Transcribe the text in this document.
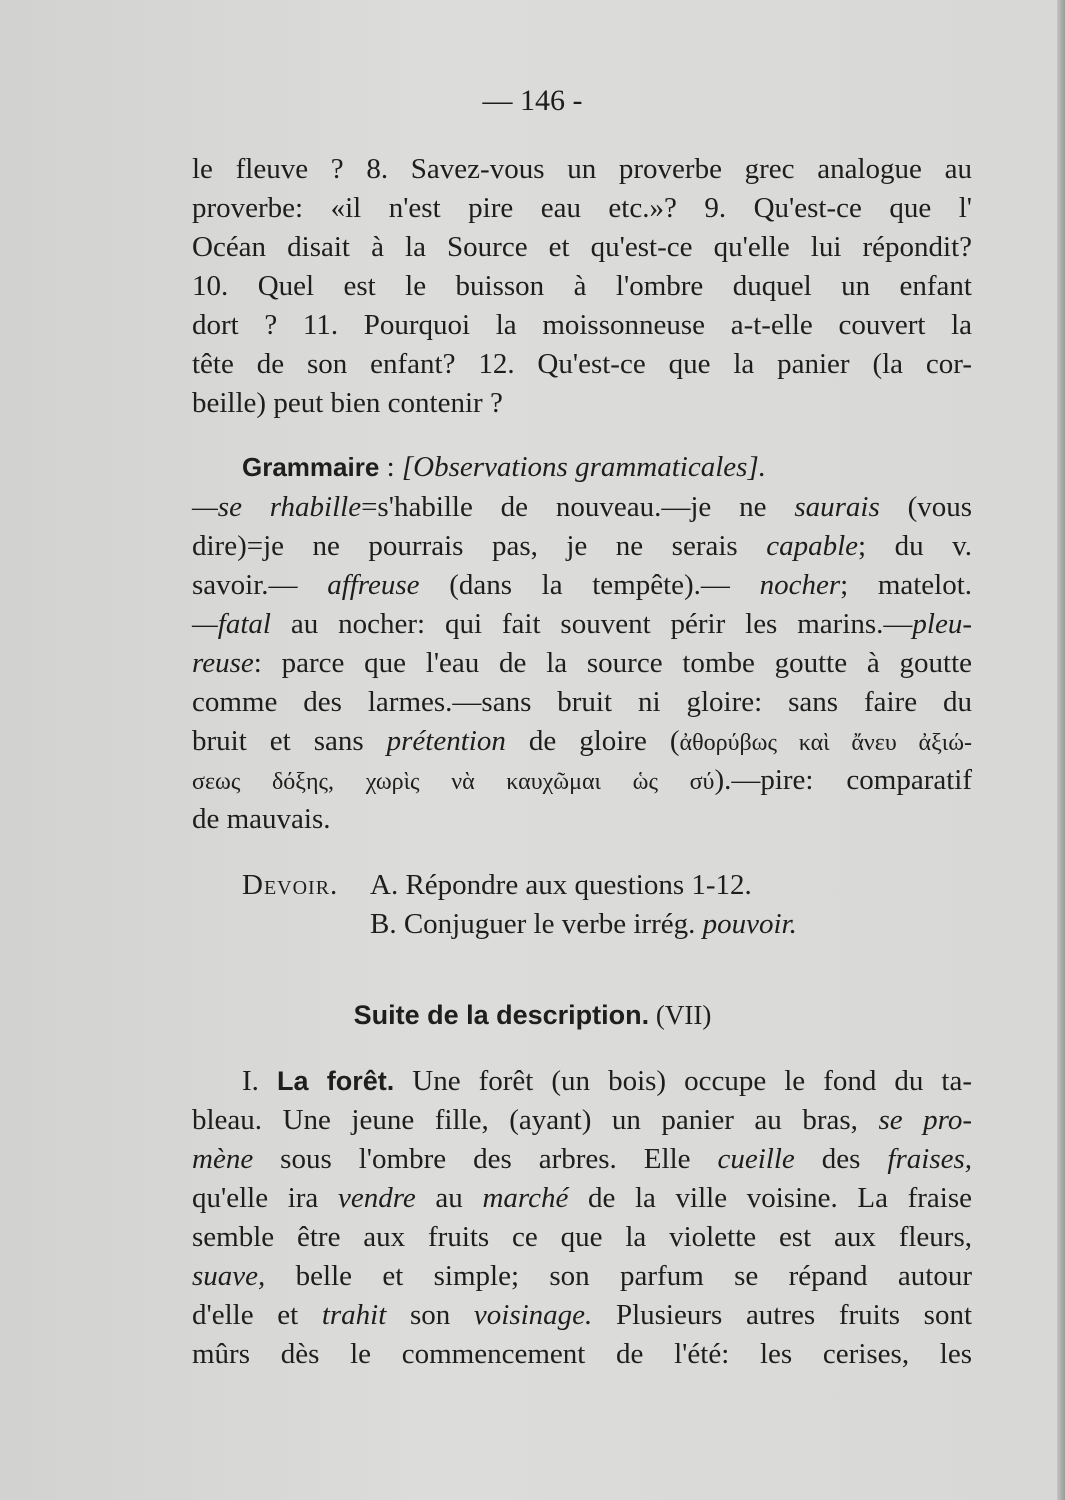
— 146 -
le fleuve ? 8. Savez-vous un proverbe grec analogue au
proverbe: «il n'est pire eau etc.»? 9. Qu'est-ce que l'
Océan disait à la Source et qu'est-ce qu'elle lui répondit?
10. Quel est le buisson à l'ombre duquel un enfant
dort ? 11. Pourquoi la moissonneuse a-t-elle couvert la
tête de son enfant? 12. Qu'est-ce que la panier (la cor-
beille) peut bien contenir ?
Grammaire : [Observations grammaticales].
—se rhabille=s'habille de nouveau.—je ne saurais (vous
dire)=je ne pourrais pas, je ne serais capable; du v.
savoir.— affreuse (dans la tempête).— nocher; matelot.
—fatal au nocher: qui fait souvent périr les marins.—pleu-
reuse: parce que l'eau de la source tombe goutte à goutte
comme des larmes.—sans bruit ni gloire: sans faire du
bruit et sans prétention de gloire (ἀθορύβως καὶ ἄνευ ἀξιώ-
σεως δόξης, χωρὶς νὰ καυχῶμαι ὡς σύ).—pire: comparatif
de mauvais.
Devoir. A. Répondre aux questions 1-12.
B. Conjuguer le verbe irrég. pouvoir.
Suite de la description. (VII)
I. La forêt. Une forêt (un bois) occupe le fond du ta-
bleau. Une jeune fille, (ayant) un panier au bras, se pro-
mène sous l'ombre des arbres. Elle cueille des fraises,
qu'elle ira vendre au marché de la ville voisine. La fraise
semble être aux fruits ce que la violette est aux fleurs,
suave, belle et simple; son parfum se répand autour
d'elle et trahit son voisinage. Plusieurs autres fruits sont
mûrs dès le commencement de l'été: les cerises, les
